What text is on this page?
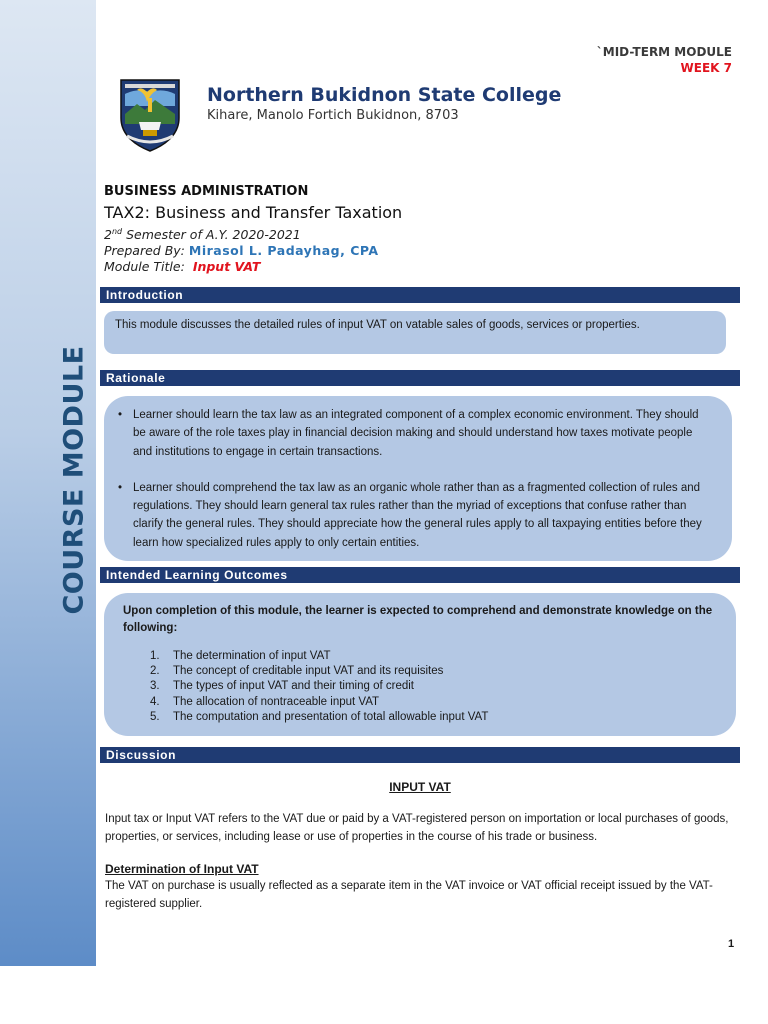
COURSE MODULE
`MID-TERM MODULE
WEEK 7
Northern Bukidnon State College
Kihare, Manolo Fortich Bukidnon, 8703
BUSINESS ADMINISTRATION
TAX2: Business and Transfer Taxation
2nd Semester of A.Y. 2020-2021
Prepared By: Mirasol L. Padayhag, CPA
Module Title: Input VAT
Introduction
This module discusses the detailed rules of input VAT on vatable sales of goods, services or properties.
Rationale
• Learner should learn the tax law as an integrated component of a complex economic environment. They should be aware of the role taxes play in financial decision making and should understand how taxes motivate people and institutions to engage in certain transactions.
• Learner should comprehend the tax law as an organic whole rather than as a fragmented collection of rules and regulations. They should learn general tax rules rather than the myriad of exceptions that confuse rather than clarify the general rules. They should appreciate how the general rules apply to all taxpaying entities before they learn how specialized rules apply to only certain entities.
Intended Learning Outcomes
Upon completion of this module, the learner is expected to comprehend and demonstrate knowledge on the following:
1.	The determination of input VAT
2.	The concept of creditable input VAT and its requisites
3.	The types of input VAT and their timing of credit
4.	The allocation of nontraceable input VAT
5.	The computation and presentation of total allowable input VAT
Discussion
INPUT VAT
Input tax or Input VAT refers to the VAT due or paid by a VAT-registered person on importation or local purchases of goods, properties, or services, including lease or use of properties in the course of his trade or business.
Determination of Input VAT
The VAT on purchase is usually reflected as a separate item in the VAT invoice or VAT official receipt issued by the VAT-registered supplier.
1
